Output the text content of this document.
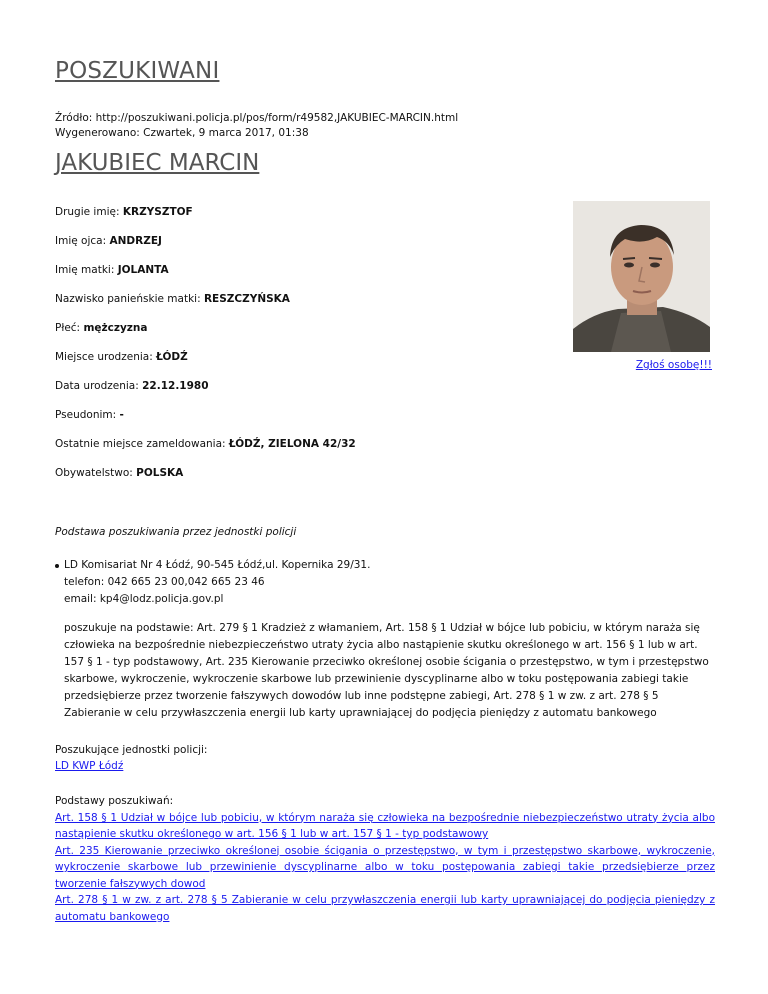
POSZUKIWANI
Źródło: http://poszukiwani.policja.pl/pos/form/r49582,JAKUBIEC-MARCIN.html
Wygenerowano: Czwartek, 9 marca 2017, 01:38
JAKUBIEC MARCIN
Drugie imię: KRZYSZTOF
Imię ojca: ANDRZEJ
Imię matki: JOLANTA
Nazwisko panieńskie matki: RESZCZYŃSKA
Płeć: mężczyzna
Miejsce urodzenia: ŁÓDŹ
Data urodzenia: 22.12.1980
Pseudonim: -
Ostatnie miejsce zameldowania: ŁÓDŹ, ZIELONA 42/32
Obywatelstwo: POLSKA
Zgłoś osobę!!!
Podstawa poszukiwania przez jednostki policji
LD Komisariat Nr 4 Łódź, 90-545 Łódź,ul. Kopernika 29/31.
telefon: 042 665 23 00,042 665 23 46
email: kp4@lodz.policja.gov.pl
poszukuje na podstawie: Art. 279 § 1 Kradzież z włamaniem, Art. 158 § 1 Udział w bójce lub pobiciu, w którym naraża się człowieka na bezpośrednie niebezpieczeństwo utraty życia albo nastąpienie skutku określonego w art. 156 § 1 lub w art. 157 § 1 - typ podstawowy, Art. 235 Kierowanie przeciwko określonej osobie ścigania o przestępstwo, w tym i przestępstwo skarbowe, wykroczenie, wykroczenie skarbowe lub przewinienie dyscyplinarne albo w toku postępowania zabiegi takie przedsiębierze przez tworzenie fałszywych dowodów lub inne podstępne zabiegi, Art. 278 § 1 w zw. z art. 278 § 5 Zabieranie w celu przywłaszczenia energii lub karty uprawniającej do podjęcia pieniędzy z automatu bankowego
Poszukujące jednostki policji:
LD KWP Łódź
Podstawy poszukiwań:
Art. 158 § 1 Udział w bójce lub pobiciu, w którym naraża się człowieka na bezpośrednie niebezpieczeństwo utraty życia albo nastąpienie skutku określonego w art. 156 § 1 lub w art. 157 § 1 - typ podstawowy
Art. 235 Kierowanie przeciwko określonej osobie ścigania o przestępstwo, w tym i przestępstwo skarbowe, wykroczenie, wykroczenie skarbowe lub przewinienie dyscyplinarne albo w toku postępowania zabiegi takie przedsiębierze przez tworzenie fałszywych dowod
Art. 278 § 1 w zw. z art. 278 § 5 Zabieranie w celu przywłaszczenia energii lub karty uprawniającej do podjęcia pieniędzy z automatu bankowego
